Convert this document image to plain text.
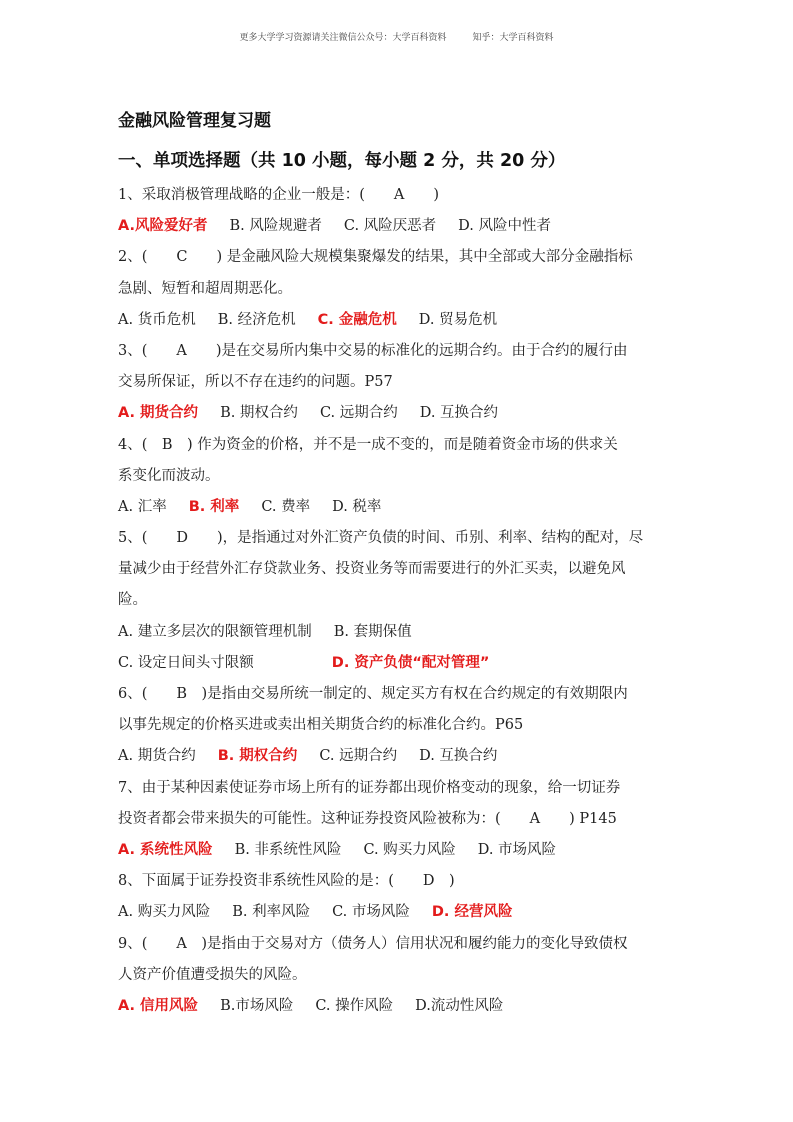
更多大学学习资源请关注微信公众号：大学百科资料	知乎：大学百科资料
金融风险管理复习题
一、单项选择题（共 10 小题，每小题 2 分，共 20 分）
1、采取消极管理战略的企业一般是：(　　A　　)
A.风险爱好者 B. 风险规避者 C. 风险厌恶者 D. 风险中性者
2、(　　C　　) 是金融风险大规模集聚爆发的结果，其中全部或大部分金融指标
急剧、短暂和超周期恶化。
A. 货币危机 B. 经济危机 C. 金融危机 D. 贸易危机
3、(　　A　　)是在交易所内集中交易的标准化的远期合约。由于合约的履行由
交易所保证，所以不存在违约的问题。P57
A. 期货合约 B. 期权合约 C. 远期合约 D. 互换合约
4、(　B　) 作为资金的价格，并不是一成不变的，而是随着资金市场的供求关
系变化而波动。
A. 汇率 B. 利率 C. 费率 D. 税率
5、(　　D　　)，是指通过对外汇资产负债的时间、币别、利率、结构的配对，尽
量减少由于经营外汇存贷款业务、投资业务等而需要进行的外汇买卖，以避免风
险。
A. 建立多层次的限额管理机制 B. 套期保值
C. 设定日间头寸限额	D. 资产负债“配对管理”
6、(　　B　)是指由交易所统一制定的、规定买方有权在合约规定的有效期限内
以事先规定的价格买进或卖出相关期货合约的标准化合约。P65
A. 期货合约 B. 期权合约 C. 远期合约 D. 互换合约
7、由于某种因素使证券市场上所有的证券都出现价格变动的现象，给一切证券
投资者都会带来损失的可能性。这种证券投资风险被称为：(　　A　　) P145
A. 系统性风险 B. 非系统性风险 C. 购买力风险 D. 市场风险
8、下面属于证券投资非系统性风险的是：(　　D　)
A. 购买力风险 B. 利率风险 C. 市场风险 D. 经营风险
9、(　　A　)是指由于交易对方（债务人）信用状况和履约能力的变化导致债权
人资产价值遭受损失的风险。
A. 信用风险 B.市场风险 C. 操作风险 D.流动性风险
